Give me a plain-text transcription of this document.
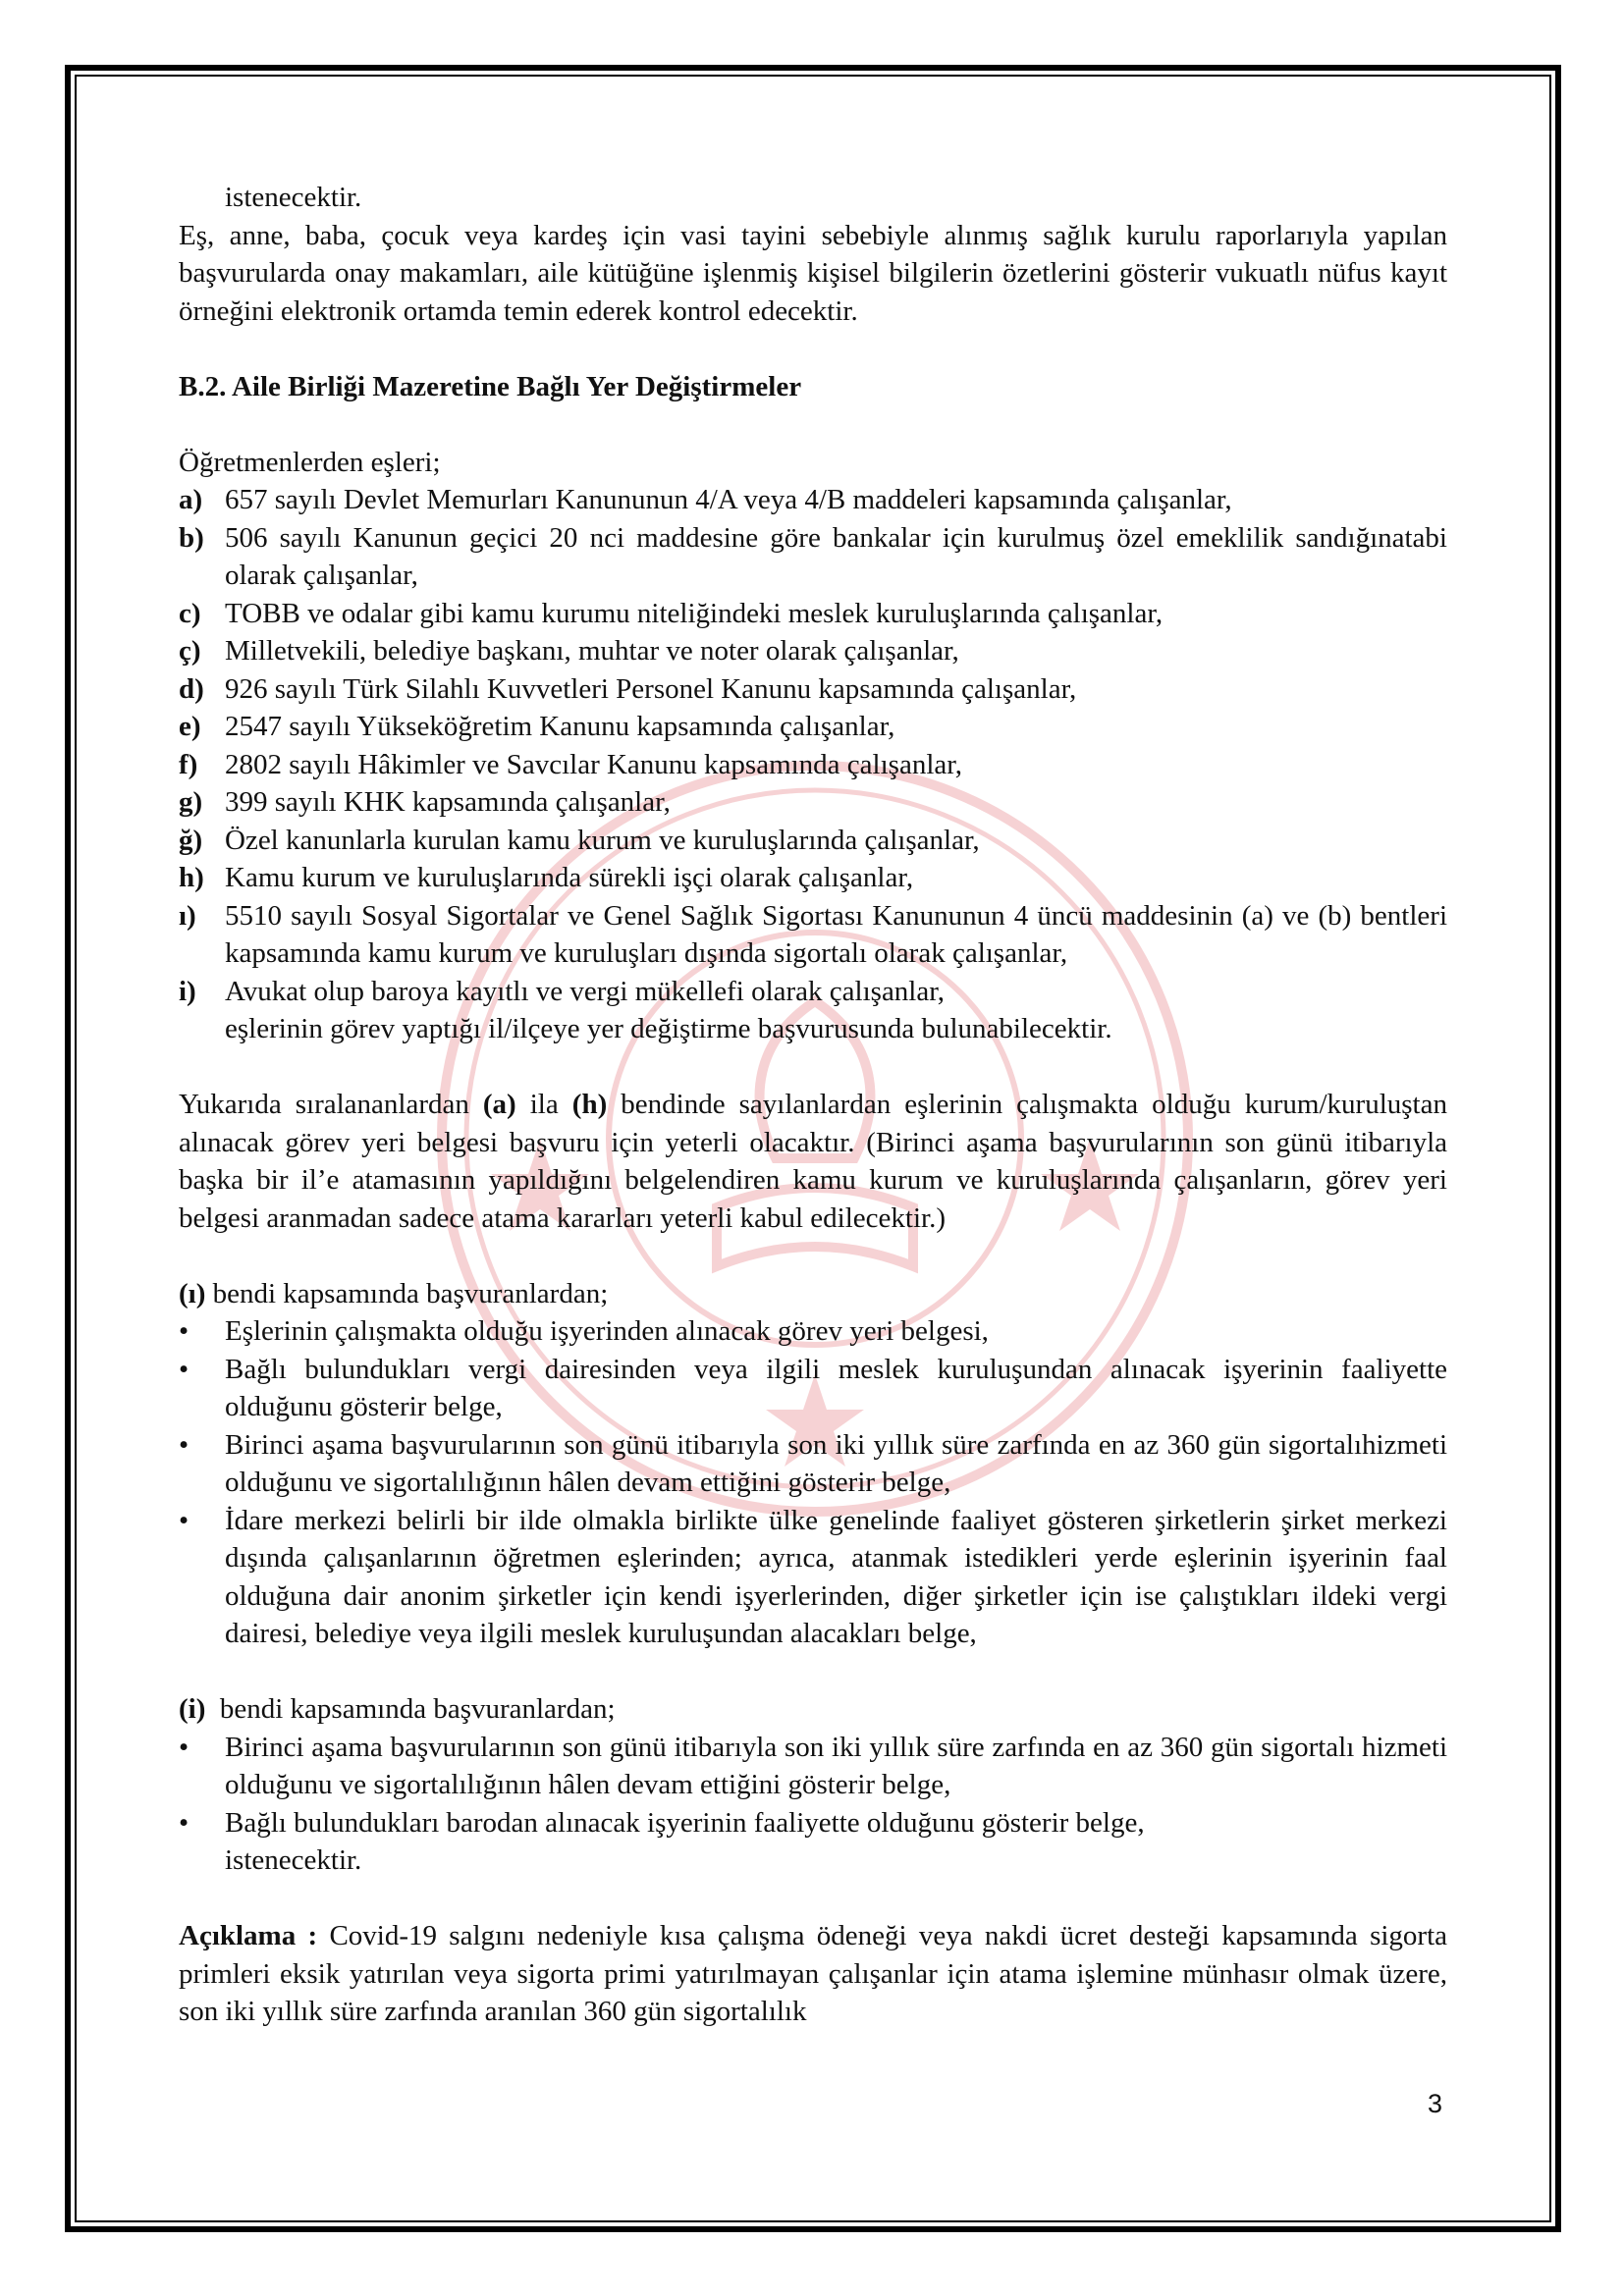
istenecektir.

Eş, anne, baba, çocuk veya kardeş için vasi tayini sebebiyle alınmış sağlık kurulu raporlarıyla yapılan başvurularda onay makamları, aile kütüğüne işlenmiş kişisel bilgilerin özetlerini gösterir vukuatlı nüfus kayıt örneğini elektronik ortamda temin ederek kontrol edecektir.

B.2. Aile Birliği Mazeretine Bağlı Yer Değiştirmeler

Öğretmenlerden eşleri;

a) 657 sayılı Devlet Memurları Kanununun 4/A veya 4/B maddeleri kapsamında çalışanlar,
b) 506 sayılı Kanunun geçici 20 nci maddesine göre bankalar için kurulmuş özel emeklilik sandığınatabi olarak çalışanlar,
c) TOBB ve odalar gibi kamu kurumu niteliğindeki meslek kuruluşlarında çalışanlar,
ç) Milletvekili, belediye başkanı, muhtar ve noter olarak çalışanlar,
d) 926 sayılı Türk Silahlı Kuvvetleri Personel Kanunu kapsamında çalışanlar,
e) 2547 sayılı Yükseköğretim Kanunu kapsamında çalışanlar,
f) 2802 sayılı Hâkimler ve Savcılar Kanunu kapsamında çalışanlar,
g) 399 sayılı KHK kapsamında çalışanlar,
ğ) Özel kanunlarla kurulan kamu kurum ve kuruluşlarında çalışanlar,
h) Kamu kurum ve kuruluşlarında sürekli işçi olarak çalışanlar,
ı)	5510 sayılı Sosyal Sigortalar ve Genel Sağlık Sigortası Kanununun 4 üncü maddesinin (a) ve (b) bentleri kapsamında kamu kurum ve kuruluşları dışında sigortalı olarak çalışanlar,
i)	Avukat olup baroya kayıtlı ve vergi mükellefi olarak çalışanlar,

eşlerinin görev yaptığı il/ilçeye yer değiştirme başvurusunda bulunabilecektir.

Yukarıda sıralananlardan (a) ila (h) bendinde sayılanlardan eşlerinin çalışmakta olduğu kurum/kuruluştan alınacak görev yeri belgesi başvuru için yeterli olacaktır. (Birinci aşama başvurularının son günü itibarıyla başka bir il’e atamasının yapıldığını belgelendiren kamu kurum ve kuruluşlarında çalışanların, görev yeri belgesi aranmadan sadece atama kararları yeterli kabul edilecektir.)

(ı) bendi kapsamında başvuranlardan;

•	Eşlerinin çalışmakta olduğu işyerinden alınacak görev yeri belgesi,
•	Bağlı bulundukları vergi dairesinden veya ilgili meslek kuruluşundan alınacak işyerinin faaliyette olduğunu gösterir belge,
•	Birinci aşama başvurularının son günü itibarıyla son iki yıllık süre zarfında en az 360 gün sigortalıhizmeti olduğunu ve sigortalılığının hâlen devam ettiğini gösterir belge,
•	İdare merkezi belirli bir ilde olmakla birlikte ülke genelinde faaliyet gösteren şirketlerin şirket merkezi dışında çalışanlarının öğretmen eşlerinden; ayrıca, atanmak istedikleri yerde eşlerinin işyerinin faal olduğuna dair anonim şirketler için kendi işyerlerinden, diğer şirketler için ise çalıştıkları ildeki vergi dairesi, belediye veya ilgili meslek kuruluşundan alacakları belge,

(i) bendi kapsamında başvuranlardan;

•	Birinci aşama başvurularının son günü itibarıyla son iki yıllık süre zarfında en az 360 gün sigortalı hizmeti olduğunu ve sigortalılığının hâlen devam ettiğini gösterir belge,
•	Bağlı bulundukları barodan alınacak işyerinin faaliyette olduğunu gösterir belge,

istenecektir.

Açıklama : Covid-19 salgını nedeniyle kısa çalışma ödeneği veya nakdi ücret desteği kapsamında sigorta primleri eksik yatırılan veya sigorta primi yatırılmayan çalışanlar için atama işlemine münhasır olmak üzere, son iki yıllık süre zarfında aranılan 360 gün sigortalılık

3
